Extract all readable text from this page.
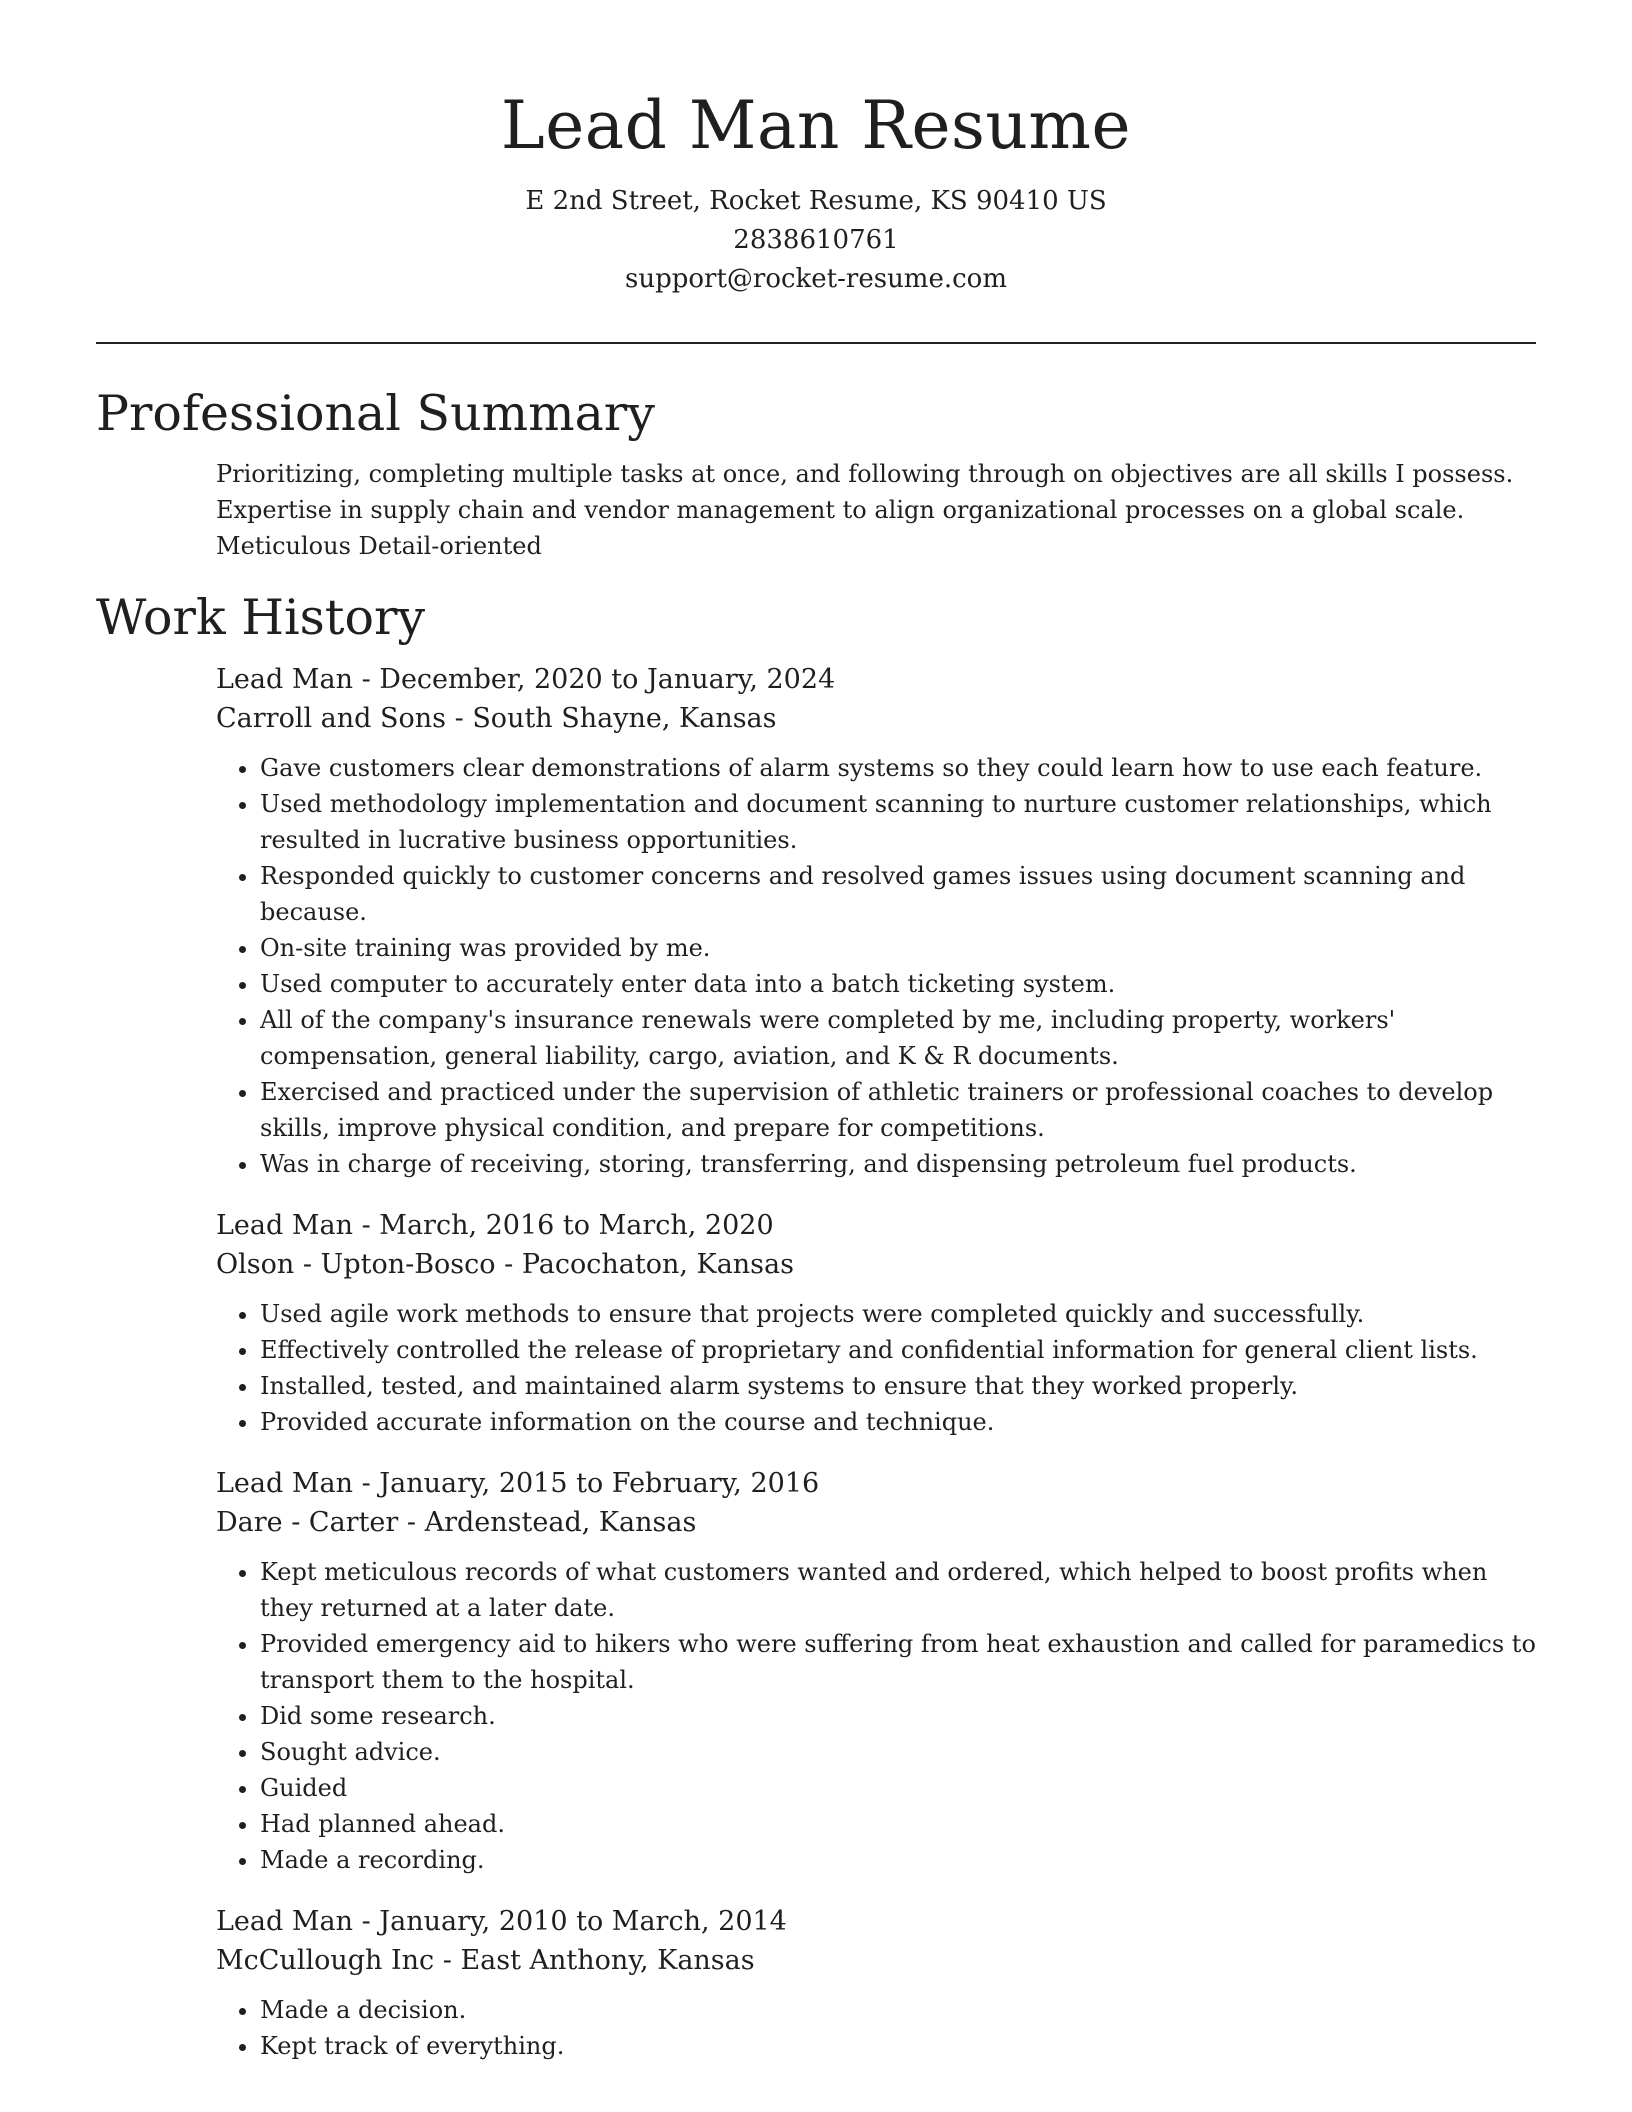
Lead Man Resume
E 2nd Street, Rocket Resume, KS 90410 US
2838610761
support@rocket-resume.com
Professional Summary
Prioritizing, completing multiple tasks at once, and following through on objectives are all skills I possess.
Expertise in supply chain and vendor management to align organizational processes on a global scale.
Meticulous Detail-oriented
Work History
Lead Man - December, 2020 to January, 2024
Carroll and Sons - South Shayne, Kansas
• Gave customers clear demonstrations of alarm systems so they could learn how to use each feature.
• Used methodology implementation and document scanning to nurture customer relationships, which resulted in lucrative business opportunities.
• Responded quickly to customer concerns and resolved games issues using document scanning and because.
• On-site training was provided by me.
• Used computer to accurately enter data into a batch ticketing system.
• All of the company's insurance renewals were completed by me, including property, workers' compensation, general liability, cargo, aviation, and K & R documents.
• Exercised and practiced under the supervision of athletic trainers or professional coaches to develop skills, improve physical condition, and prepare for competitions.
• Was in charge of receiving, storing, transferring, and dispensing petroleum fuel products.
Lead Man - March, 2016 to March, 2020
Olson - Upton-Bosco - Pacochaton, Kansas
• Used agile work methods to ensure that projects were completed quickly and successfully.
• Effectively controlled the release of proprietary and confidential information for general client lists.
• Installed, tested, and maintained alarm systems to ensure that they worked properly.
• Provided accurate information on the course and technique.
Lead Man - January, 2015 to February, 2016
Dare - Carter - Ardenstead, Kansas
• Kept meticulous records of what customers wanted and ordered, which helped to boost profits when they returned at a later date.
• Provided emergency aid to hikers who were suffering from heat exhaustion and called for paramedics to transport them to the hospital.
• Did some research.
• Sought advice.
• Guided
• Had planned ahead.
• Made a recording.
Lead Man - January, 2010 to March, 2014
McCullough Inc - East Anthony, Kansas
• Made a decision.
• Kept track of everything.
